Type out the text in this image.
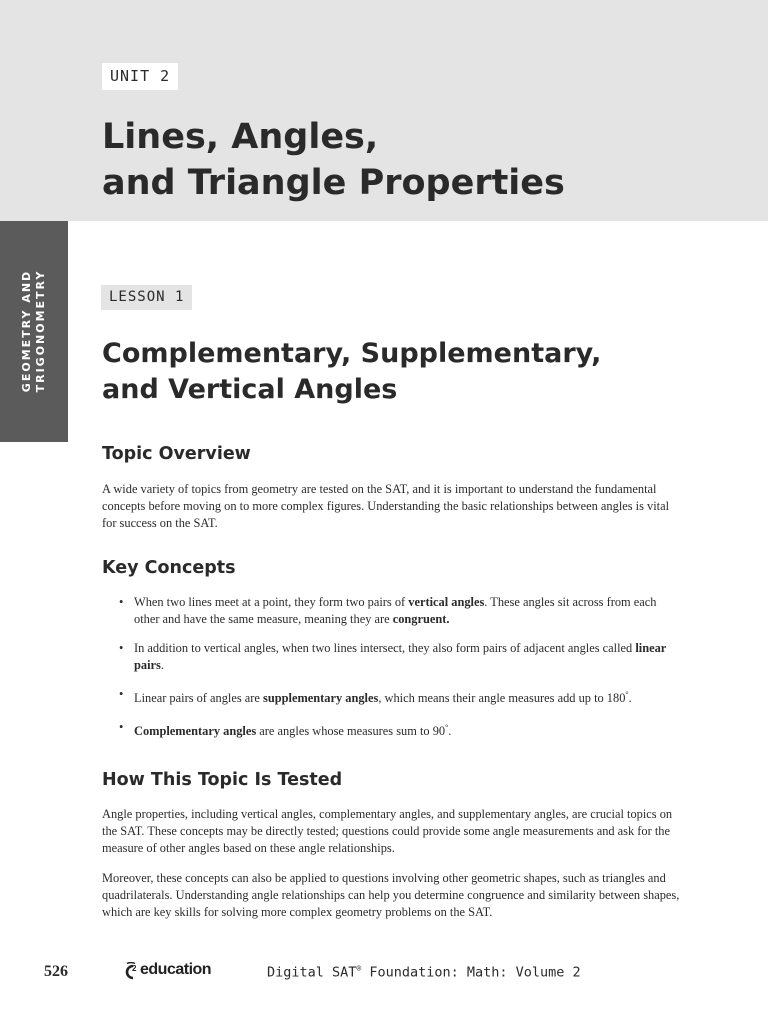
UNIT 2
Lines, Angles,
and Triangle Properties
GEOMETRY AND TRIGONOMETRY	LESSON 1
Complementary, Supplementary,
and Vertical Angles
Topic Overview
A wide variety of topics from geometry are tested on the SAT, and it is important to understand the fundamental concepts before moving on to more complex figures. Understanding the basic relationships between angles is vital for success on the SAT.
Key Concepts
• When two lines meet at a point, they form two pairs of vertical angles. These angles sit across from each other and have the same measure, meaning they are congruent.
• In addition to vertical angles, when two lines intersect, they also form pairs of adjacent angles called linear pairs.
• Linear pairs of angles are supplementary angles, which means their angle measures add up to 180°.
• Complementary angles are angles whose measures sum to 90°.
How This Topic Is Tested
Angle properties, including vertical angles, complementary angles, and supplementary angles, are crucial topics on the SAT. These concepts may be directly tested; questions could provide some angle measurements and ask for the measure of other angles based on these angle relationships.
Moreover, these concepts can also be applied to questions involving other geometric shapes, such as triangles and quadrilaterals. Understanding angle relationships can help you determine congruence and similarity between shapes, which are key skills for solving more complex geometry problems on the SAT.
526	2 education	Digital SAT® Foundation: Math: Volume 2
